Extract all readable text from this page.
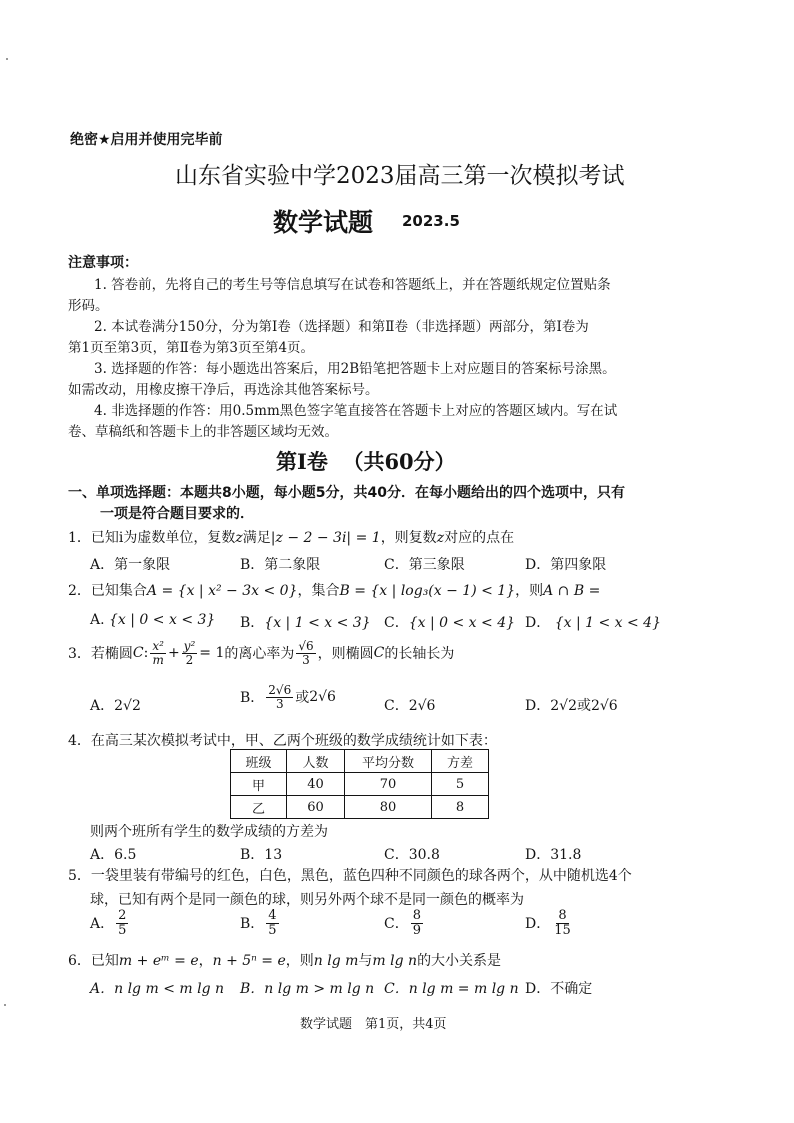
绝密★启用并使用完毕前
山东省实验中学2023届高三第一次模拟考试
数学试题 2023.5
注意事项：
1. 答卷前，先将自己的考生号等信息填写在试卷和答题纸上，并在答题纸规定位置贴条
形码。
2. 本试卷满分150分，分为第Ⅰ卷（选择题）和第Ⅱ卷（非选择题）两部分，第Ⅰ卷为
第1页至第3页，第Ⅱ卷为第3页至第4页。
3. 选择题的作答：每小题选出答案后，用2B铅笔把答题卡上对应题目的答案标号涂黑。
如需改动，用橡皮擦干净后，再选涂其他答案标号。
4. 非选择题的作答：用0.5mm黑色签字笔直接答在答题卡上对应的答题区域内。写在试
卷、草稿纸和答题卡上的非答题区域均无效。
第Ⅰ卷  （共60分）
一、单项选择题：本题共8小题，每小题5分，共40分．在每小题给出的四个选项中，只有
一项是符合题目要求的．
1．已知i为虚数单位，复数z满足|z − 2 − 3i| = 1，则复数z对应的点在
A．第一象限	B．第二象限	C．第三象限	D．第四象限
2．已知集合A = {x | x² − 3x < 0}，集合B = {x | log₃(x − 1) < 1}，则A ∩ B =
A. {x | 0 < x < 3} B．{x | 1 < x < 3} C．{x | 0 < x < 4} D． {x | 1 < x < 4}
3．若椭圆 C : $\frac{\text{x²}}{m} + \frac{\text{y²}}{2} = 1$ 的离心率为 $\frac{√6}{3}$ ，则椭圆 C 的长轴长为
A．2√2	B． $\frac{2√6}{3}$ 或 2√6
C．2√6	D．2√2或2√6
4．在高三某次模拟考试中，甲、乙两个班级的数学成绩统计如下表：
班级	人数	平均分数	方差
甲	40	70	5
乙	60	80	8
则两个班所有学生的数学成绩的方差为
A．6.5	B．13	C．30.8	D．31.8
5．一袋里装有带编号的红色，白色，黑色，蓝色四种不同颜色的球各两个，从中随机选4个
球，已知有两个是同一颜色的球，则另外两个球不是同一颜色的概率为
A． $\frac{2}{5}$	B． $\frac{4}{5}$	C． $\frac{8}{9}$	D． $\frac{8}{15}$
6．已知m + eᵐ = e，n + 5ⁿ = e，则n lg m与m lg n的大小关系是
A．n lg m < m lg n B．n lg m > m lg n C．n lg m = m lg n D．不确定
数学试题　第1页，共4页
